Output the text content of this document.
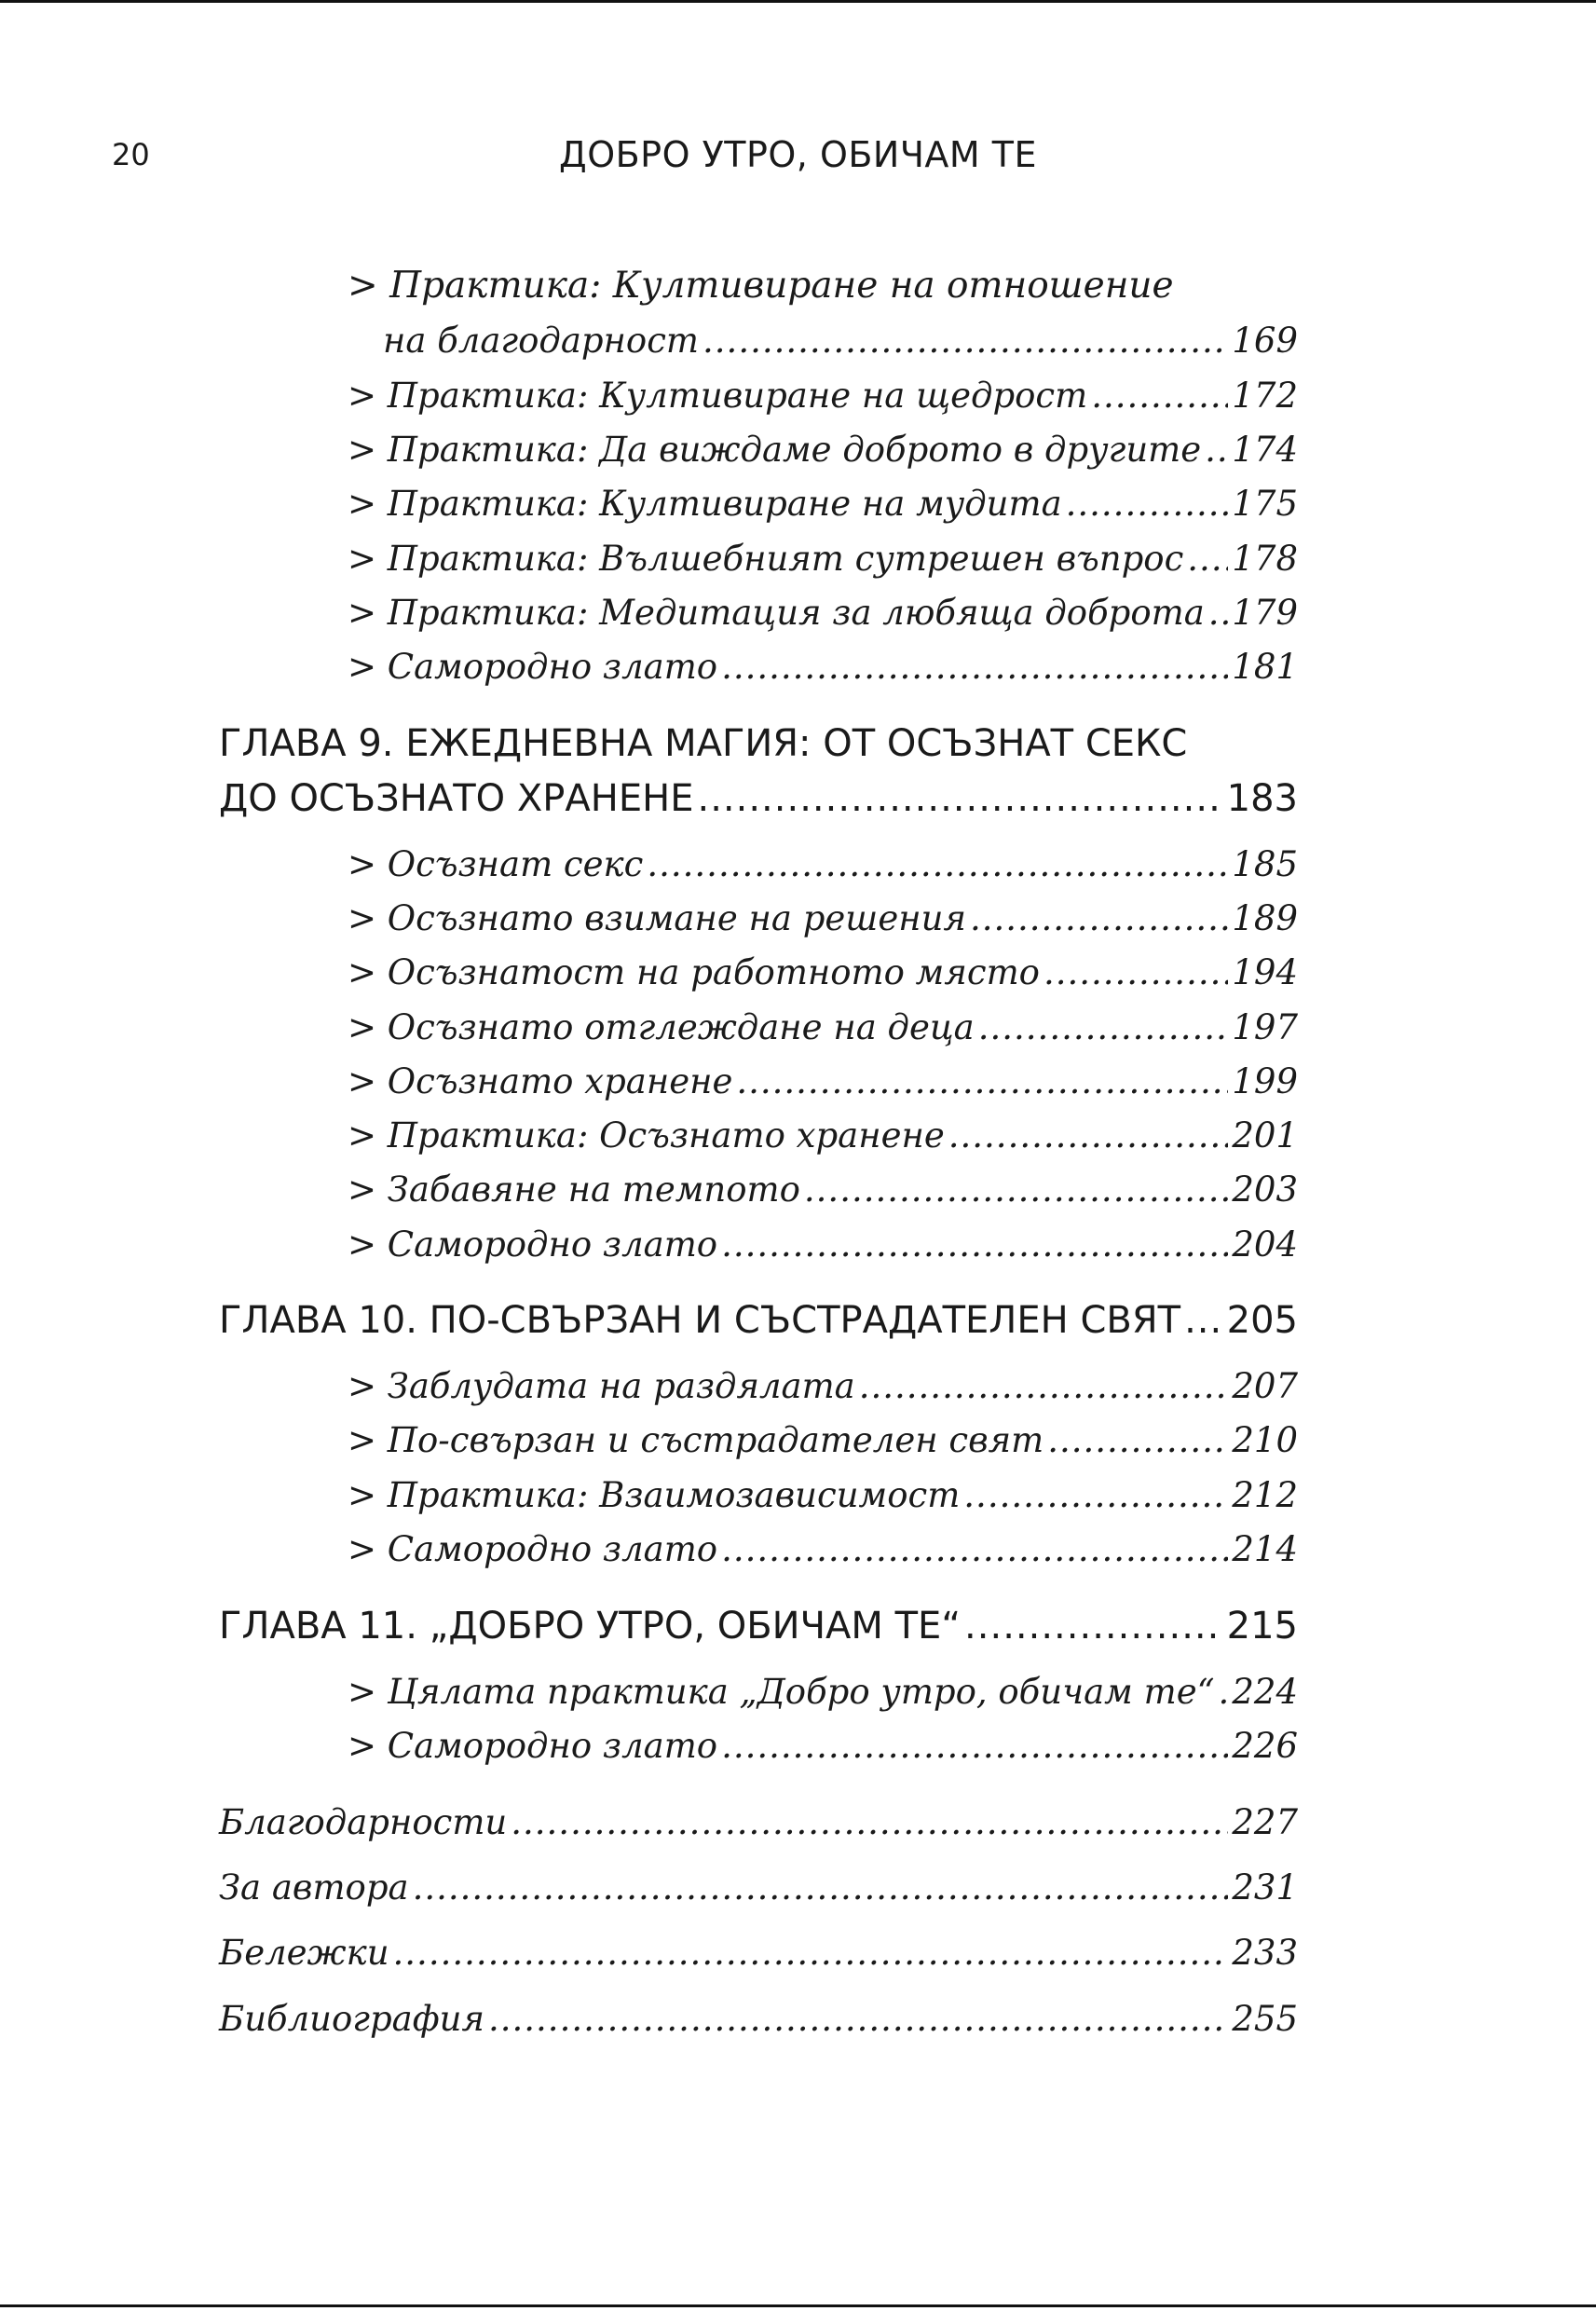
20	ДОБРО УТРО, ОБИЧАМ ТЕ
> Практика: Култивиране на отношение
на благодарност .....	169
> Практика: Култивиране на щедрост .....	172
> Практика: Да виждаме доброто в другите ..... 174
> Практика: Култивиране на мудита .....	175
> Практика: Вълшебният сутрешен въпрос ..... 178
> Практика: Медитация за любяща доброта ..... 179
> Самородно злато .....	181
ГЛАВА 9. ЕЖЕДНЕВНА МАГИЯ: ОТ ОСЪЗНАТ СЕКС
ДО ОСЪЗНАТО ХРАНЕНЕ .....	183
> Осъзнат секс .....	185
> Осъзнато взимане на решения .....	189
> Осъзнатост на работното място .....	194
> Осъзнато отглеждане на деца .....	197
> Осъзнато хранене .....	199
> Практика: Осъзнато хранене .....	201
> Забавяне на темпото .....	203
> Самородно злато .....	204
ГЛАВА 10. ПО-СВЪРЗАН И СЪСТРАДАТЕЛЕН СВЯТ ..... 205
> Заблудата на раздялата .....	207
> По-свързан и състрадателен свят .....	210
> Практика: Взаимозависимост .....	212
> Самородно злато .....	214
ГЛАВА 11. „ДОБРО УТРО, ОБИЧАМ ТЕ“ .....	215
> Цялата практика „Добро утро, обичам те“ ..... 224
> Самородно злато .....	226
Благодарности .....	227
За автора .....	231
Бележки .....	233
Библиография .....	255
